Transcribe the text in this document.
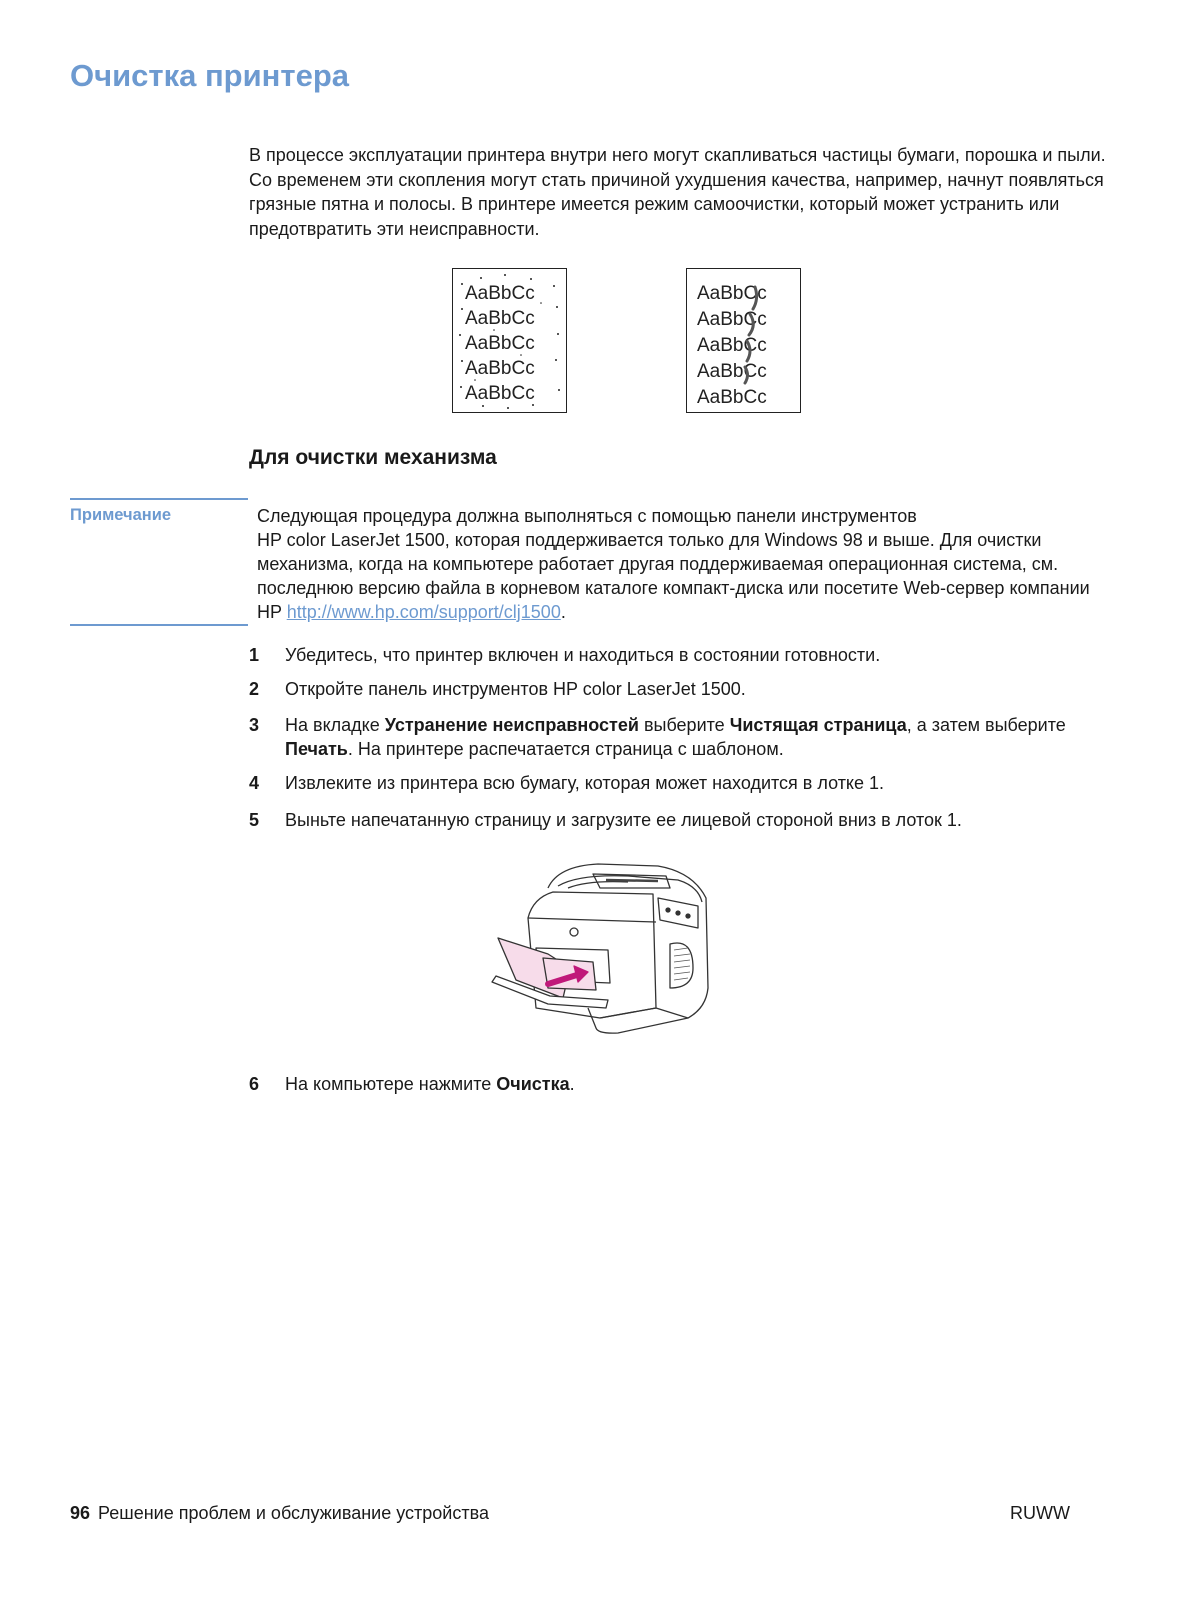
Очистка принтера

В процессе эксплуатации принтера внутри него могут скапливаться частицы бумаги, порошка и пыли. Со временем эти скопления могут стать причиной ухудшения качества, например, начнут появляться грязные пятна и полосы. В принтере имеется режим самоочистки, который может устранить или предотвратить эти неисправности.

AaBbCc
AaBbCc
AaBbCc
AaBbCc
AaBbCc
AaBbCc
AaBbCc
AaBbCc
AaBbCc
AaBbCc
Для очистки механизма
Примечание	Следующая процедура должна выполняться с помощью панели инструментов
HP color LaserJet 1500, которая поддерживается только для Windows 98 и выше. Для очистки механизма, когда на компьютере работает другая поддерживаемая операционная система, см. последнюю версию файла в корневом каталоге компакт-диска или посетите Web-сервер компании HP http://www.hp.com/support/clj1500.
1	Убедитесь, что принтер включен и находиться в состоянии готовности.
2	Откройте панель инструментов HP color LaserJet 1500.
3	На вкладке Устранение неисправностей выберите Чистящая страница, а затем выберите Печать. На принтере распечатается страница с шаблоном.
4	Извлеките из принтера всю бумагу, которая может находится в лотке 1.
5	Выньте напечатанную страницу и загрузите ее лицевой стороной вниз в лоток 1.
6	На компьютере нажмите Очистка.
96 Решение проблем и обслуживание устройства	RUWW
